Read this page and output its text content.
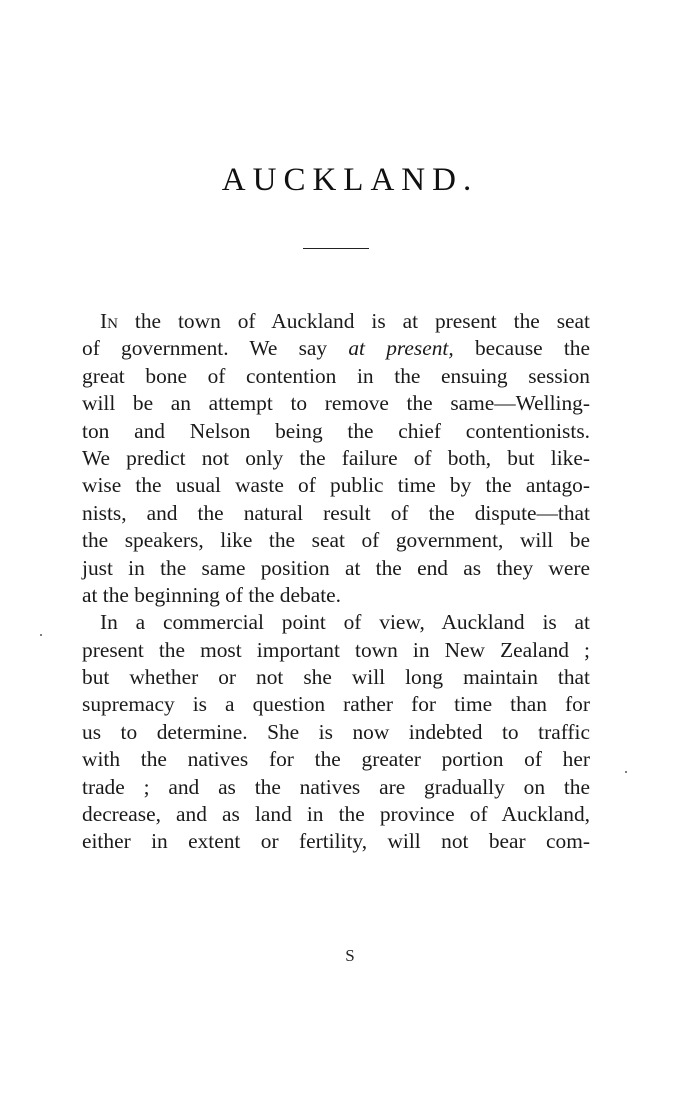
AUCKLAND.
In the town of Auckland is at present the seat
of government. We say at present, because the
great bone of contention in the ensuing session
will be an attempt to remove the same—Welling-
ton and Nelson being the chief contentionists.
We predict not only the failure of both, but like-
wise the usual waste of public time by the antago-
nists, and the natural result of the dispute—that
the speakers, like the seat of government, will be
just in the same position at the end as they were
at the beginning of the debate.
In a commercial point of view, Auckland is at
present the most important town in New Zealand ;
but whether or not she will long maintain that
supremacy is a question rather for time than for
us to determine. She is now indebted to traffic
with the natives for the greater portion of her
trade ; and as the natives are gradually on the
decrease, and as land in the province of Auckland,
either in extent or fertility, will not bear com-
S
